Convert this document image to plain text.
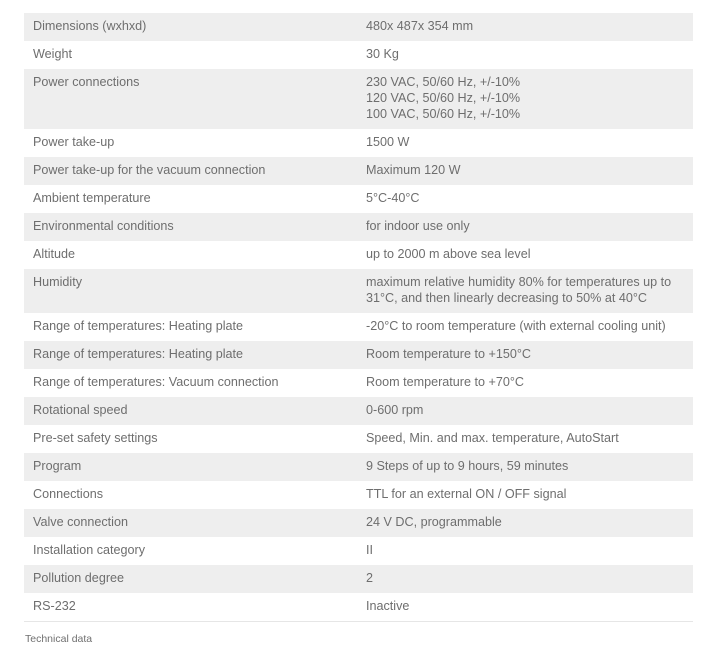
Dimensions (wxhxd)	480x 487x 354 mm
Weight	30 Kg
Power connections	230 VAC, 50/60 Hz, +/-10%
120 VAC, 50/60 Hz, +/-10%
100 VAC, 50/60 Hz, +/-10%
Power take-up	1500 W
Power take-up for the vacuum connection	Maximum 120 W
Ambient temperature	5°C-40°C
Environmental conditions	for indoor use only
Altitude	up to 2000 m above sea level
Humidity	maximum relative humidity 80% for temperatures up to 31°C, and then linearly decreasing to 50% at 40°C
Range of temperatures: Heating plate	-20°C to room temperature (with external cooling unit)
Range of temperatures: Heating plate	Room temperature to +150°C
Range of temperatures: Vacuum connection	Room temperature to +70°C
Rotational speed	0-600 rpm
Pre-set safety settings	Speed, Min. and max. temperature, AutoStart
Program	9 Steps of up to 9 hours, 59 minutes
Connections	TTL for an external ON / OFF signal
Valve connection	24 V DC, programmable
Installation category	II
Pollution degree	2
RS-232	Inactive
Technical data
